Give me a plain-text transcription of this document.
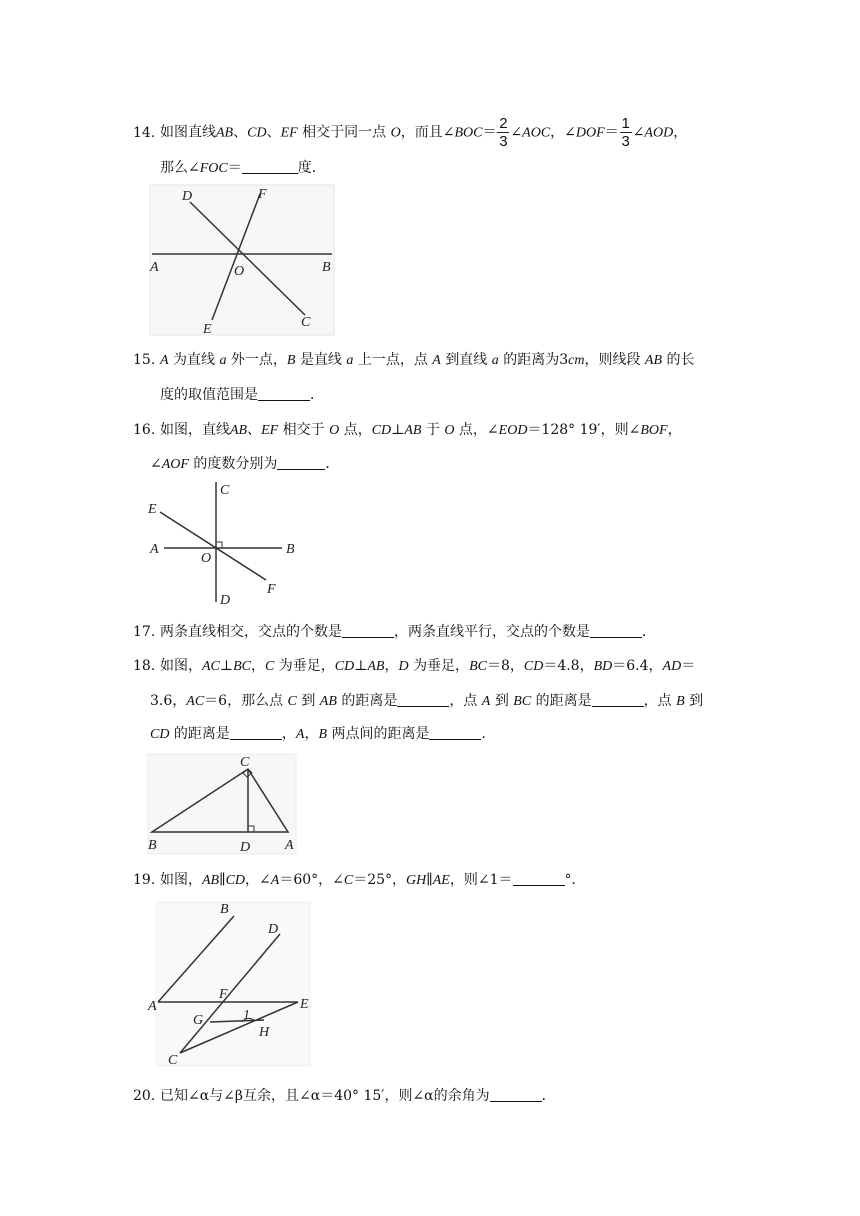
14. 如图直线AB、CD、EF 相交于同一点 O，而且∠BOC＝ $\frac{2}{3}$ ∠AOC，∠DOF＝ $\frac{1}{3}$ ∠AOD，
那么∠FOC＝	度．
D	F
A	O	B
E	C
15. A 为直线 a 外一点，B 是直线 a 上一点，点 A 到直线 a 的距离为3cm，则线段 AB 的长
度的取值范围是	．
16. 如图，直线AB、EF 相交于 O 点，CD⊥AB 于 O 点，∠EOD＝128° 19′，则∠BOF，
∠AOF 的度数分别为	．
C
E
A
O
B
F
D
17. 两条直线相交，交点的个数是	，两条直线平行，交点的个数是	．
18. 如图，AC⊥BC，C 为垂足，CD⊥AB，D 为垂足，BC＝8，CD＝4.8，BD＝6.4，AD＝
3.6，AC＝6，那么点 C 到 AB 的距离是	，点 A 到 BC 的距离是	，点 B 到
CD 的距离是	，A，B 两点间的距离是	．
C
B	D A
19. 如图，AB∥CD，∠A＝60°，∠C＝25°，GH∥AE，则∠1＝	°．
B
D
A
F
E
G	1
H
C
20. 已知∠α与∠β互余，且∠α＝40° 15′，则∠α的余角为	．
